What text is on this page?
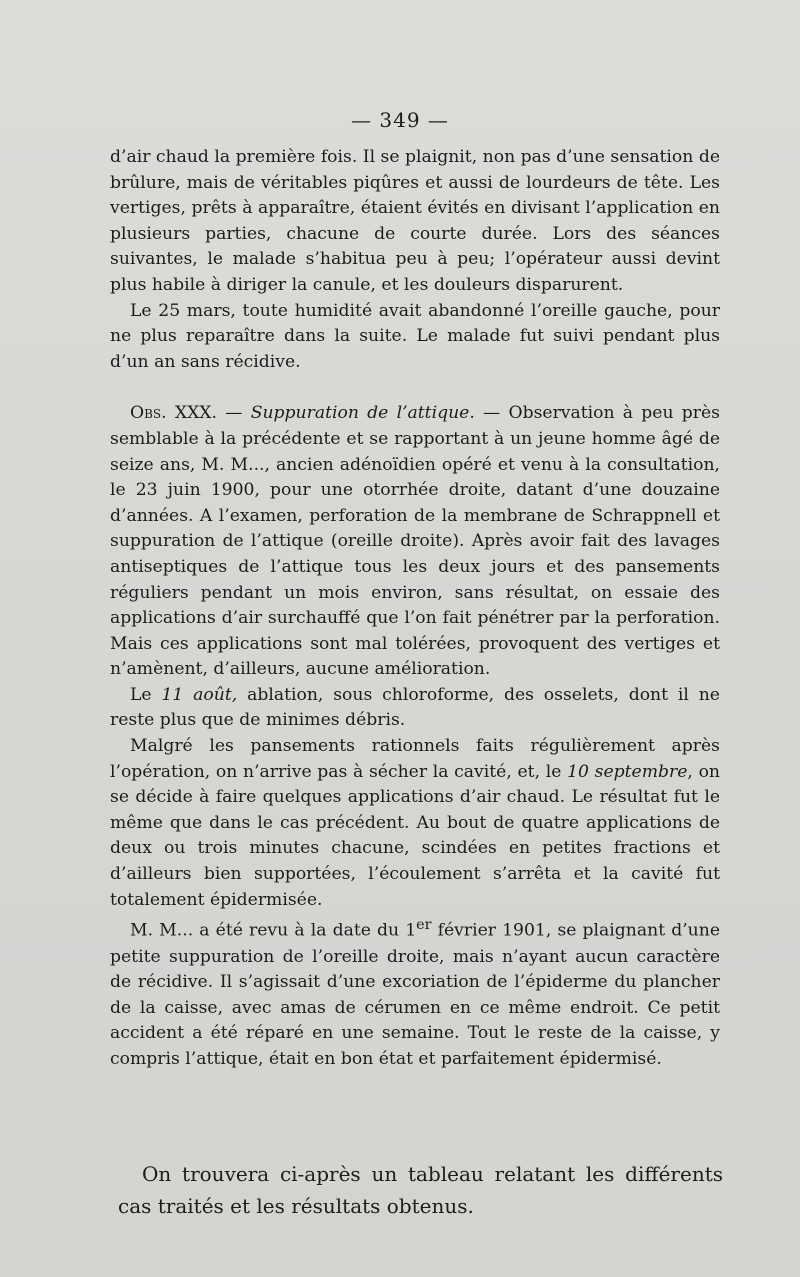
— 349 —

d’air chaud la première fois. Il se plaignit, non pas d’une sensation de brûlure, mais de véritables piqûres et aussi de lourdeurs de tête. Les vertiges, prêts à apparaître, étaient évités en divisant l’application en plusieurs parties, chacune de courte durée. Lors des séances suivantes, le malade s’habitua peu à peu; l’opérateur aussi devint plus habile à diriger la canule, et les douleurs disparurent.

Le 25 mars, toute humidité avait abandonné l’oreille gauche, pour ne plus reparaître dans la suite. Le malade fut suivi pendant plus d’un an sans récidive.

Obs. XXX. — Suppuration de l’attique. — Observation à peu près semblable à la précédente et se rapportant à un jeune homme âgé de seize ans, M. M..., ancien adénoïdien opéré et venu à la consultation, le 23 juin 1900, pour une otorrhée droite, datant d’une douzaine d’années. A l’examen, perforation de la membrane de Schrappnell et suppuration de l’attique (oreille droite). Après avoir fait des lavages antiseptiques de l’attique tous les deux jours et des pansements réguliers pendant un mois environ, sans résultat, on essaie des applications d’air surchauffé que l’on fait pénétrer par la perforation. Mais ces applications sont mal tolérées, provoquent des vertiges et n’amènent, d’ailleurs, aucune amélioration.

Le 11 août, ablation, sous chloroforme, des osselets, dont il ne reste plus que de minimes débris.

Malgré les pansements rationnels faits régulièrement après l’opération, on n’arrive pas à sécher la cavité, et, le 10 septembre, on se décide à faire quelques applications d’air chaud. Le résultat fut le même que dans le cas précédent. Au bout de quatre applications de deux ou trois minutes chacune, scindées en petites fractions et d’ailleurs bien supportées, l’écoulement s’arrêta et la cavité fut totalement épidermisée.

M. M... a été revu à la date du 1er février 1901, se plaignant d’une petite suppuration de l’oreille droite, mais n’ayant aucun caractère de récidive. Il s’agissait d’une excoriation de l’épiderme du plancher de la caisse, avec amas de cérumen en ce même endroit. Ce petit accident a été réparé en une semaine. Tout le reste de la caisse, y compris l’attique, était en bon état et parfaitement épidermisé.

On trouvera ci-après un tableau relatant les différents cas traités et les résultats obtenus.
